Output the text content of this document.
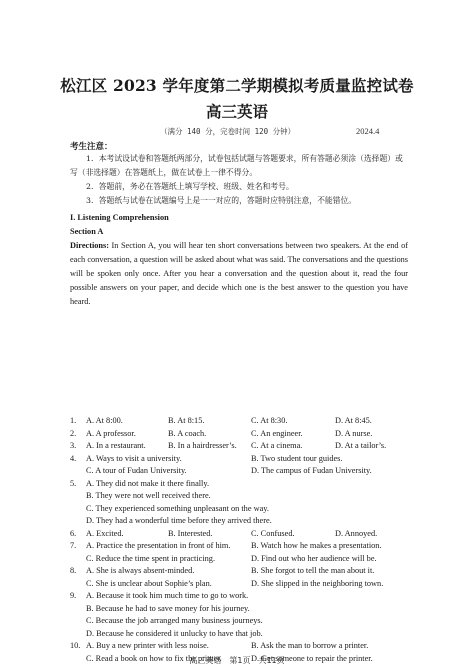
松江区 2023 学年度第二学期模拟考质量监控试卷
高三英语
（满分 140 分，完卷时间 120 分钟）	2024.4
考生注意：
1．本考试设试卷和答题纸两部分，试卷包括试题与答题要求，所有答题必须涂（选择题）或写（非选择题）在答题纸上，做在试卷上一律不得分。
2．答题前，务必在答题纸上填写学校、班级、姓名和考号。
3．答题纸与试卷在试题编号上是一一对应的，答题时应特别注意，不能错位。
I. Listening Comprehension
Section A
Directions: In Section A, you will hear ten short conversations between two speakers. At the end of each conversation, a question will be asked about what was said. The conversations and the questions will be spoken only once. After you hear a conversation and the question about it, read the four possible answers on your paper, and decide which one is the best answer to the question you have heard.
1. A. At 8:00.	B. At 8:15.	C. At 8:30.	D. At 8:45.
2. A. A professor.	B. A coach.	C. An engineer.	D. A nurse.
3. A. In a restaurant.	B. In a hairdresser’s. C. At a cinema.	D. At a tailor’s.
4. A. Ways to visit a university.	B. Two student tour guides.
C. A tour of Fudan University.	D. The campus of Fudan University.
5. A. They did not make it there finally.
B. They were not well received there.
C. They experienced something unpleasant on the way.
D. They had a wonderful time before they arrived there.
6. A. Excited.	B. Interested.	C. Confused.	D. Annoyed.
7. A. Practice the presentation in front of him. B. Watch how he makes a presentation.
C. Reduce the time spent in practicing.	D. Find out who her audience will be.
8. A. She is always absent-minded.	B. She forgot to tell the man about it.
C. She is unclear about Sophie’s plan.	D. She slipped in the neighboring town.
9. A. Because it took him much time to go to work.
B. Because he had to save money for his journey.
C. Because the job arranged many business journeys.
D. Because he considered it unlucky to have that job.
10. A. Buy a new printer with less noise.	B. Ask the man to borrow a printer.
C. Read a book on how to fix the printer.	D. Get someone to repair the printer.
高三英语　第1页　共11页
